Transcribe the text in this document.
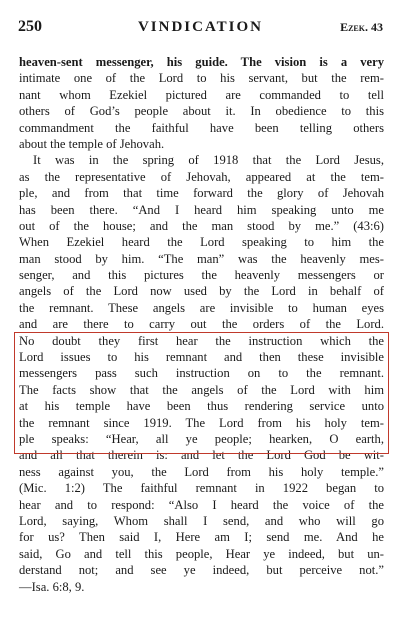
250	VINDICATION	Ezek. 43
heaven-sent messenger, his guide. The vision is a very
intimate one of the Lord to his servant, but the rem-
nant whom Ezekiel pictured are commanded to tell
others of God’s people about it. In obedience to this
commandment the faithful have been telling others
about the temple of Jehovah.
It was in the spring of 1918 that the Lord Jesus,
as the representative of Jehovah, appeared at the tem-
ple, and from that time forward the glory of Jehovah
has been there. “And I heard him speaking unto me
out of the house; and the man stood by me.” (43:6)
When Ezekiel heard the Lord speaking to him the
man stood by him. “The man” was the heavenly mes-
senger, and this pictures the heavenly messengers or
angels of the Lord now used by the Lord in behalf of
the remnant. These angels are invisible to human eyes
and are there to carry out the orders of the Lord.
No doubt they first hear the instruction which the
Lord issues to his remnant and then these invisible
messengers pass such instruction on to the remnant.
The facts show that the angels of the Lord with him
at his temple have been thus rendering service unto
the remnant since 1919. The Lord from his holy tem-
ple speaks: “Hear, all ye people; hearken, O earth,
and all that therein is: and let the Lord God be wit-
ness against you, the Lord from his holy temple.”
(Mic. 1:2) The faithful remnant in 1922 began to
hear and to respond: “Also I heard the voice of the
Lord, saying, Whom shall I send, and who will go
for us? Then said I, Here am I; send me. And he
said, Go and tell this people, Hear ye indeed, but un-
derstand not; and see ye indeed, but perceive not.”
—Isa. 6:8, 9.
